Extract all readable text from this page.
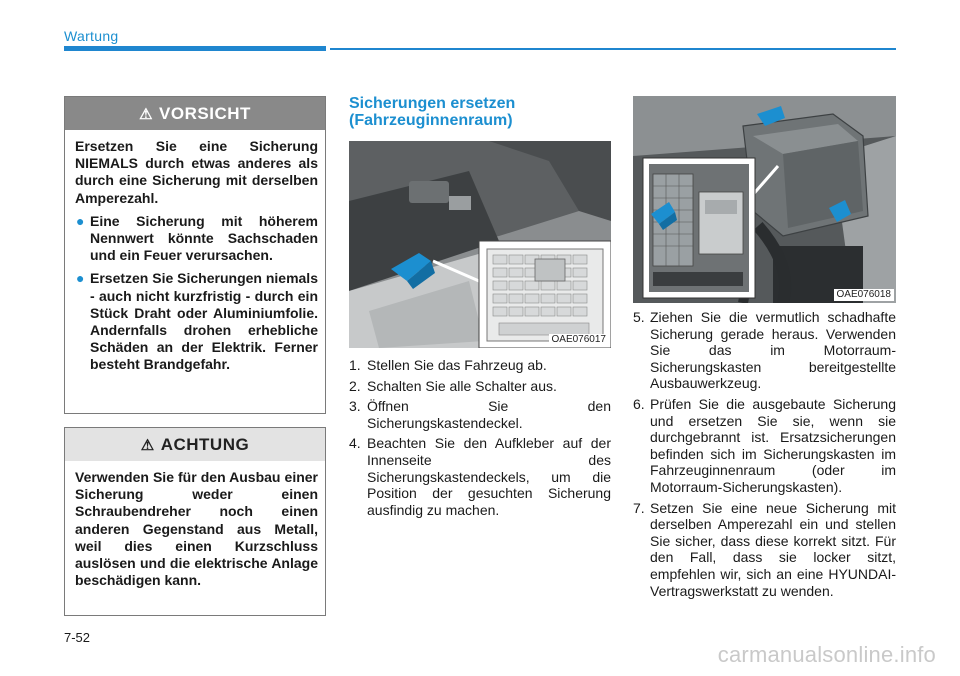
Wartung
⚠ VORSICHT

Ersetzen Sie eine Sicherung NIEMALS durch etwas anderes als durch eine Sicherung mit derselben Amperezahl.

● Eine Sicherung mit höherem Nennwert könnte Sachschaden und ein Feuer verursachen.
● Ersetzen Sie Sicherungen niemals - auch nicht kurzfristig - durch ein Stück Draht oder Aluminiumfolie. Andernfalls drohen erhebliche Schäden an der Elektrik. Ferner besteht Brandgefahr.
⚠ ACHTUNG

Verwenden Sie für den Ausbau einer Sicherung weder einen Schraubendreher noch einen anderen Gegenstand aus Metall, weil dies einen Kurzschluss auslösen und die elektrische Anlage beschädigen kann.

Sicherungen ersetzen (Fahrzeuginnenraum)
OAE076017
1. Stellen Sie das Fahrzeug ab.
2. Schalten Sie alle Schalter aus.
3. Öffnen Sie den Sicherungskastendeckel.
4. Beachten Sie den Aufkleber auf der Innenseite des Sicherungskastendeckels, um die Position der gesuchten Sicherung ausfindig zu machen.
OAE076018
5. Ziehen Sie die vermutlich schadhafte Sicherung gerade heraus. Verwenden Sie das im Motorraum-Sicherungskasten bereitgestellte Ausbauwerkzeug.
6. Prüfen Sie die ausgebaute Sicherung und ersetzen Sie sie, wenn sie durchgebrannt ist. Ersatzsicherungen befinden sich im Sicherungskasten im Fahrzeuginnenraum (oder im Motorraum-Sicherungskasten).
7. Setzen Sie eine neue Sicherung mit derselben Amperezahl ein und stellen Sie sicher, dass diese korrekt sitzt. Für den Fall, dass sie locker sitzt, empfehlen wir, sich an eine HYUNDAI-Vertragswerkstatt zu wenden.
7-52
carmanualsonline.info
